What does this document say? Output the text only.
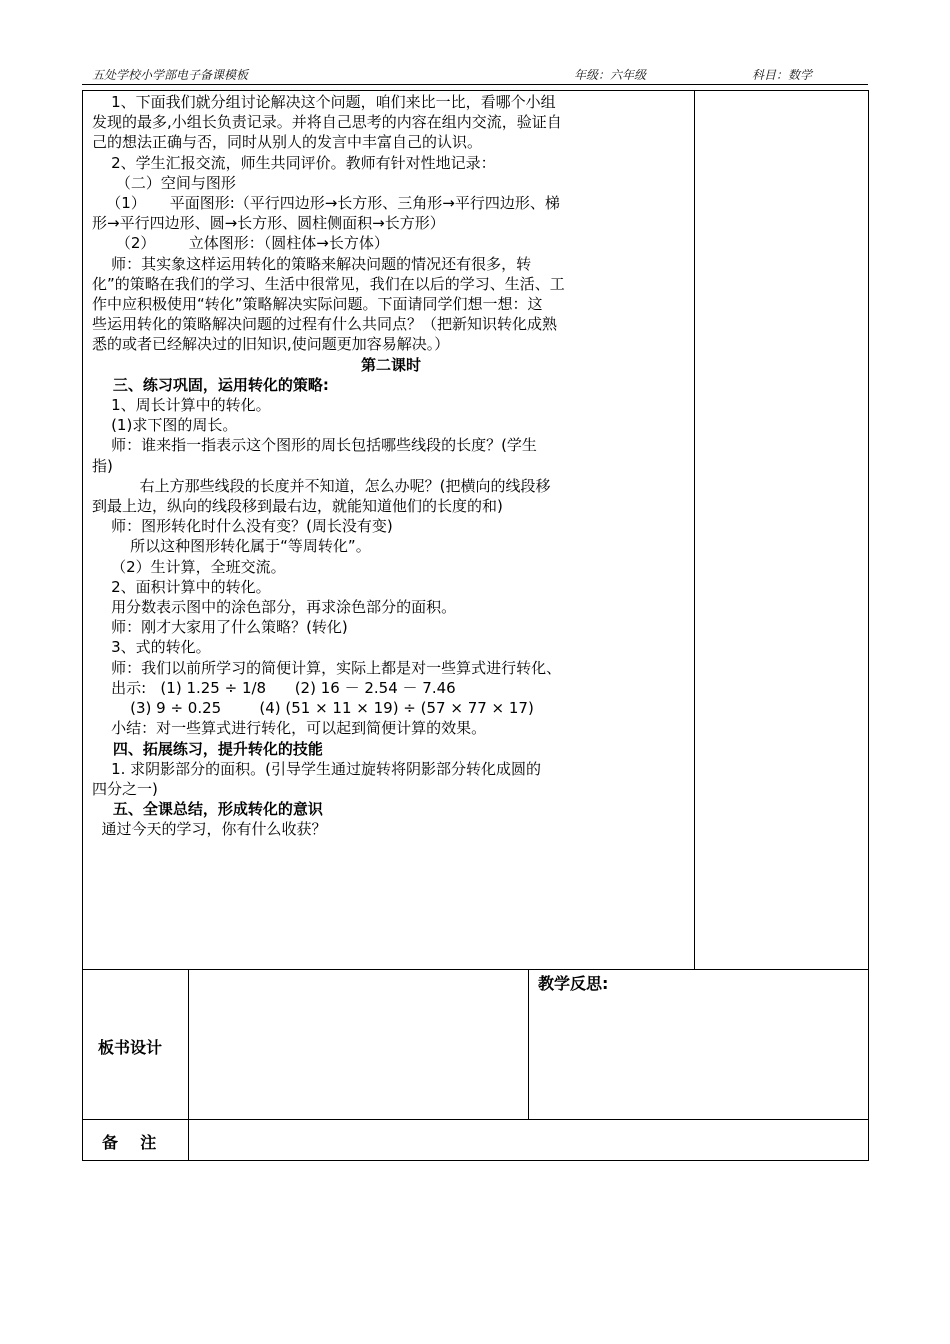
五处学校小学部电子备课模板	年级：六年级	科目：数学
1、下面我们就分组讨论解决这个问题，咱们来比一比，看哪个小组
发现的最多,小组长负责记录。并将自己思考的内容在组内交流，验证自
己的想法正确与否，同时从别人的发言中丰富自己的认识。
2、学生汇报交流，师生共同评价。教师有针对性地记录：
（二）空间与图形
（1）     平面图形:（平行四边形→长方形、三角形→平行四边形、梯
形→平行四边形、圆→长方形、圆柱侧面积→长方形）
（2）       立体图形：（圆柱体→长方体）
师：其实象这样运用转化的策略来解决问题的情况还有很多，转
化”的策略在我们的学习、生活中很常见，我们在以后的学习、生活、工
作中应积极使用“转化”策略解决实际问题。下面请同学们想一想：这
些运用转化的策略解决问题的过程有什么共同点？（把新知识转化成熟
悉的或者已经解决过的旧知识,使问题更加容易解决。）
第二课时
三、练习巩固，运用转化的策略:
1、周长计算中的转化。
(1)求下图的周长。
师：谁来指一指表示这个图形的周长包括哪些线段的长度？(学生
指)
右上方那些线段的长度并不知道，怎么办呢？(把横向的线段移
到最上边，纵向的线段移到最右边，就能知道他们的长度的和)
师：图形转化时什么没有变？(周长没有变)
所以这种图形转化属于“等周转化”。
（2）生计算，全班交流。
2、面积计算中的转化。
用分数表示图中的涂色部分，再求涂色部分的面积。
师：刚才大家用了什么策略？(转化)
3、式的转化。
师：我们以前所学习的简便计算，实际上都是对一些算式进行转化、
出示:   (1) 1.25 ÷ 1/8      (2) 16 － 2.54 － 7.46
(3) 9 ÷ 0.25        (4) (51 × 11 × 19) ÷ (57 × 77 × 17)
小结：对一些算式进行转化，可以起到简便计算的效果。
四、拓展练习，提升转化的技能
1. 求阴影部分的面积。(引导学生通过旋转将阴影部分转化成圆的
四分之一)
五、全课总结，形成转化的意识
通过今天的学习，你有什么收获？
板书设计
教学反思:
备    注
